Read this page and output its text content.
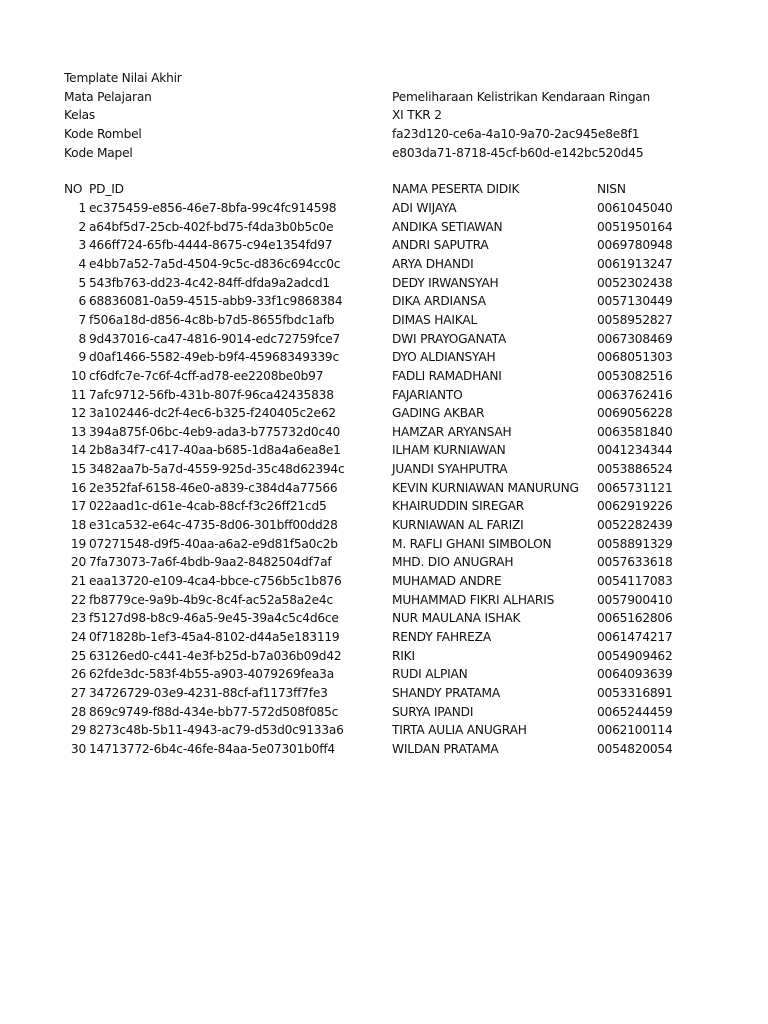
Template Nilai Akhir
Mata Pelajaran	Pemeliharaan Kelistrikan Kendaraan Ringan
Kelas	XI TKR 2
Kode Rombel	fa23d120-ce6a-4a10-9a70-2ac945e8e8f1
Kode Mapel	e803da71-8718-45cf-b60d-e142bc520d45
NO PD_ID	NAMA PESERTA DIDIK	NISN
1 ec375459-e856-46e7-8bfa-99c4fc914598	ADI WIJAYA	0061045040
2 a64bf5d7-25cb-402f-bd75-f4da3b0b5c0e	ANDIKA SETIAWAN	0051950164
3 466ff724-65fb-4444-8675-c94e1354fd97	ANDRI SAPUTRA	0069780948
4 e4bb7a52-7a5d-4504-9c5c-d836c694cc0c	ARYA DHANDI	0061913247
5 543fb763-dd23-4c42-84ff-dfda9a2adcd1	DEDY IRWANSYAH	0052302438
6 68836081-0a59-4515-abb9-33f1c9868384	DIKA ARDIANSA	0057130449
7 f506a18d-d856-4c8b-b7d5-8655fbdc1afb	DIMAS HAIKAL	0058952827
8 9d437016-ca47-4816-9014-edc72759fce7	DWI PRAYOGANATA	0067308469
9 d0af1466-5582-49eb-b9f4-45968349339c	DYO ALDIANSYAH	0068051303
10 cf6dfc7e-7c6f-4cff-ad78-ee2208be0b97	FADLI RAMADHANI	0053082516
11 7afc9712-56fb-431b-807f-96ca42435838	FAJARIANTO	0063762416
12 3a102446-dc2f-4ec6-b325-f240405c2e62	GADING AKBAR	0069056228
13 394a875f-06bc-4eb9-ada3-b775732d0c40	HAMZAR ARYANSAH	0063581840
14 2b8a34f7-c417-40aa-b685-1d8a4a6ea8e1	ILHAM KURNIAWAN	0041234344
15 3482aa7b-5a7d-4559-925d-35c48d62394c	JUANDI SYAHPUTRA	0053886524
16 2e352faf-6158-46e0-a839-c384d4a77566	KEVIN KURNIAWAN MANURUNG 0065731121
17 022aad1c-d61e-4cab-88cf-f3c26ff21cd5	KHAIRUDDIN SIREGAR	0062919226
18 e31ca532-e64c-4735-8d06-301bff00dd28	KURNIAWAN AL FARIZI	0052282439
19 07271548-d9f5-40aa-a6a2-e9d81f5a0c2b	M. RAFLI GHANI SIMBOLON	0058891329
20 7fa73073-7a6f-4bdb-9aa2-8482504df7af	MHD. DIO ANUGRAH	0057633618
21 eaa13720-e109-4ca4-bbce-c756b5c1b876	MUHAMAD ANDRE	0054117083
22 fb8779ce-9a9b-4b9c-8c4f-ac52a58a2e4c	MUHAMMAD FIKRI ALHARIS	0057900410
23 f5127d98-b8c9-46a5-9e45-39a4c5c4d6ce	NUR MAULANA ISHAK	0065162806
24 0f71828b-1ef3-45a4-8102-d44a5e183119	RENDY FAHREZA	0061474217
25 63126ed0-c441-4e3f-b25d-b7a036b09d42	RIKI	0054909462
26 62fde3dc-583f-4b55-a903-4079269fea3a	RUDI ALPIAN	0064093639
27 34726729-03e9-4231-88cf-af1173ff7fe3	SHANDY PRATAMA	0053316891
28 869c9749-f88d-434e-bb77-572d508f085c	SURYA IPANDI	0065244459
29 8273c48b-5b11-4943-ac79-d53d0c9133a6	TIRTA AULIA ANUGRAH	0062100114
30 14713772-6b4c-46fe-84aa-5e07301b0ff4	WILDAN PRATAMA	0054820054
